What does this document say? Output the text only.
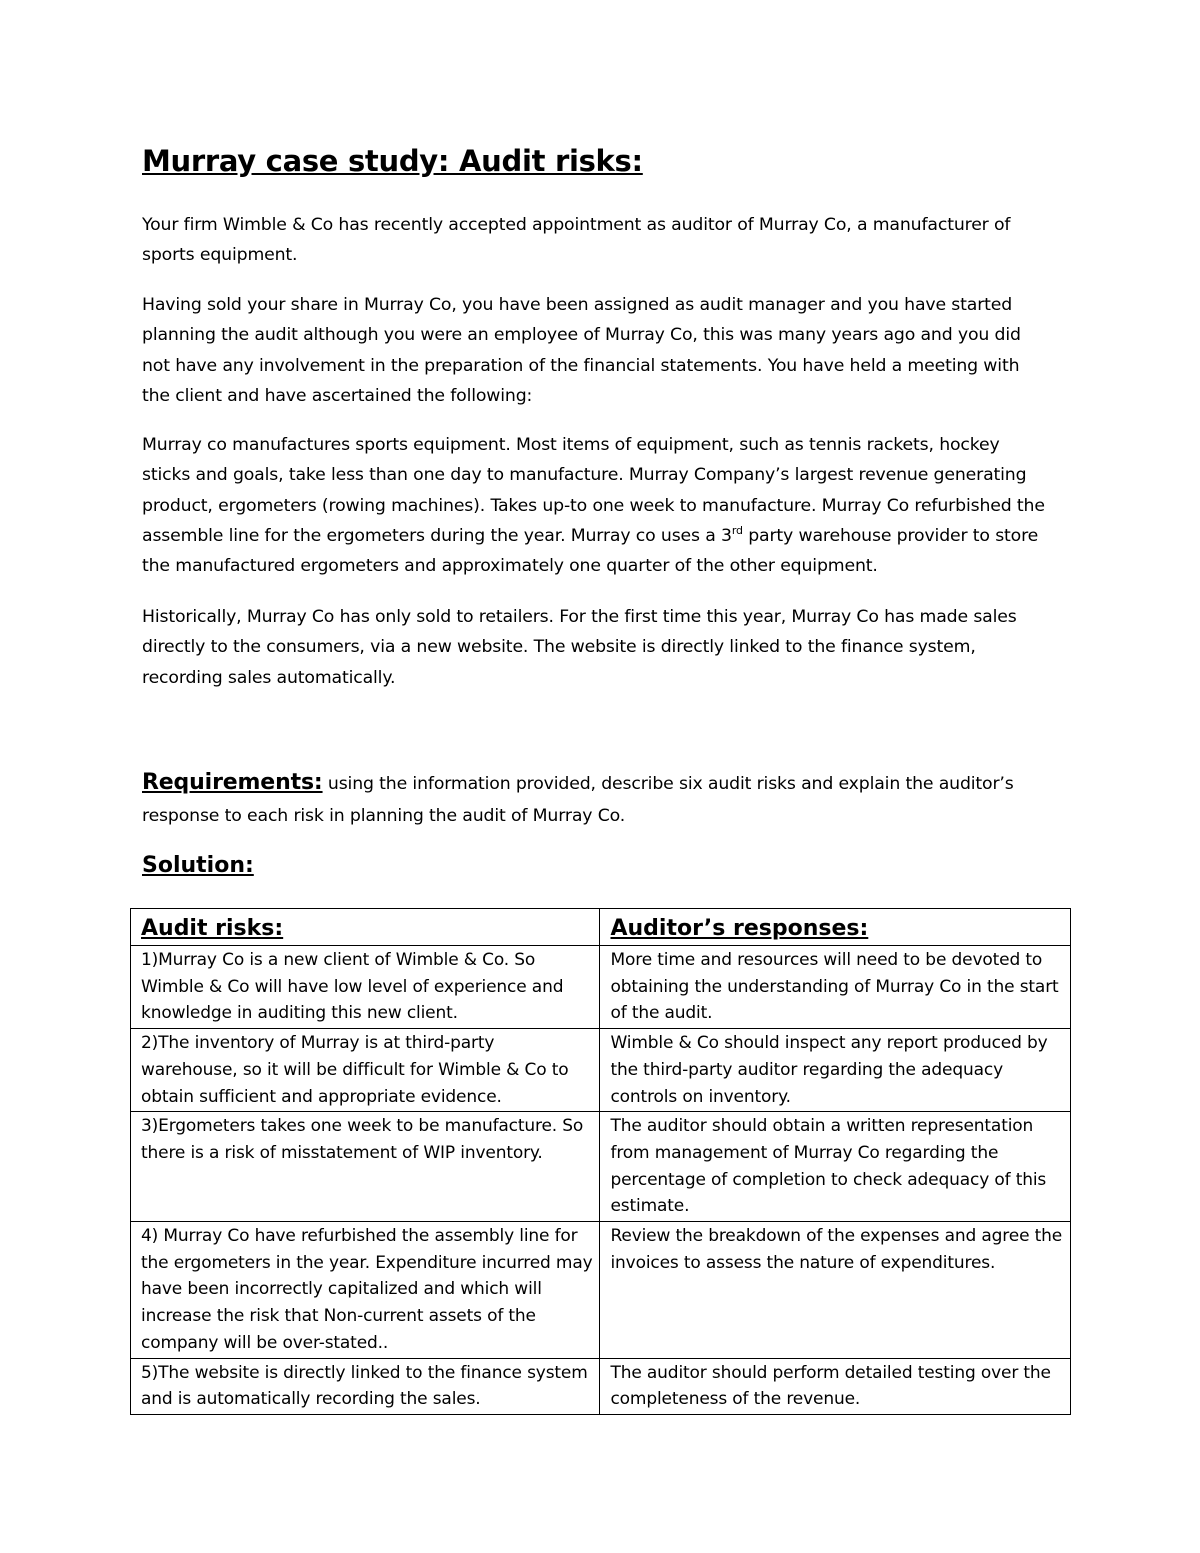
Murray case study: Audit risks:

Your firm Wimble & Co has recently accepted appointment as auditor of Murray Co, a manufacturer of sports equipment.

Having sold your share in Murray Co, you have been assigned as audit manager and you have started planning the audit although you were an employee of Murray Co, this was many years ago and you did not have any involvement in the preparation of the financial statements. You have held a meeting with the client and have ascertained the following:

Murray co manufactures sports equipment. Most items of equipment, such as tennis rackets, hockey sticks and goals, take less than one day to manufacture. Murray Company’s largest revenue generating product, ergometers (rowing machines). Takes up-to one week to manufacture. Murray Co refurbished the assemble line for the ergometers during the year. Murray co uses a 3rd party warehouse provider to store the manufactured ergometers and approximately one quarter of the other equipment.

Historically, Murray Co has only sold to retailers. For the first time this year, Murray Co has made sales directly to the consumers, via a new website. The website is directly linked to the finance system, recording sales automatically.

Requirements: using the information provided, describe six audit risks and explain the auditor’s response to each risk in planning the audit of Murray Co.

Solution:
Audit risks:	Auditor’s responses:
1)Murray Co is a new client of Wimble & Co. So Wimble & Co will have low level of experience and knowledge in auditing this new client.	More time and resources will need to be devoted to obtaining the understanding of Murray Co in the start of the audit.
2)The inventory of Murray is at third-party warehouse, so it will be difficult for Wimble & Co to obtain sufficient and appropriate evidence.	Wimble & Co should inspect any report produced by the third-party auditor regarding the adequacy controls on inventory.
3)Ergometers takes one week to be manufacture. So there is a risk of misstatement of WIP inventory.	The auditor should obtain a written representation from management of Murray Co regarding the percentage of completion to check adequacy of this estimate.
4) Murray Co have refurbished the assembly line for the ergometers in the year. Expenditure incurred may have been incorrectly capitalized and which will increase the risk that Non-current assets of the company will be over-stated..	Review the breakdown of the expenses and agree the invoices to assess the nature of expenditures.
5)The website is directly linked to the finance system and is automatically recording the sales.	The auditor should perform detailed testing over the completeness of the revenue.
